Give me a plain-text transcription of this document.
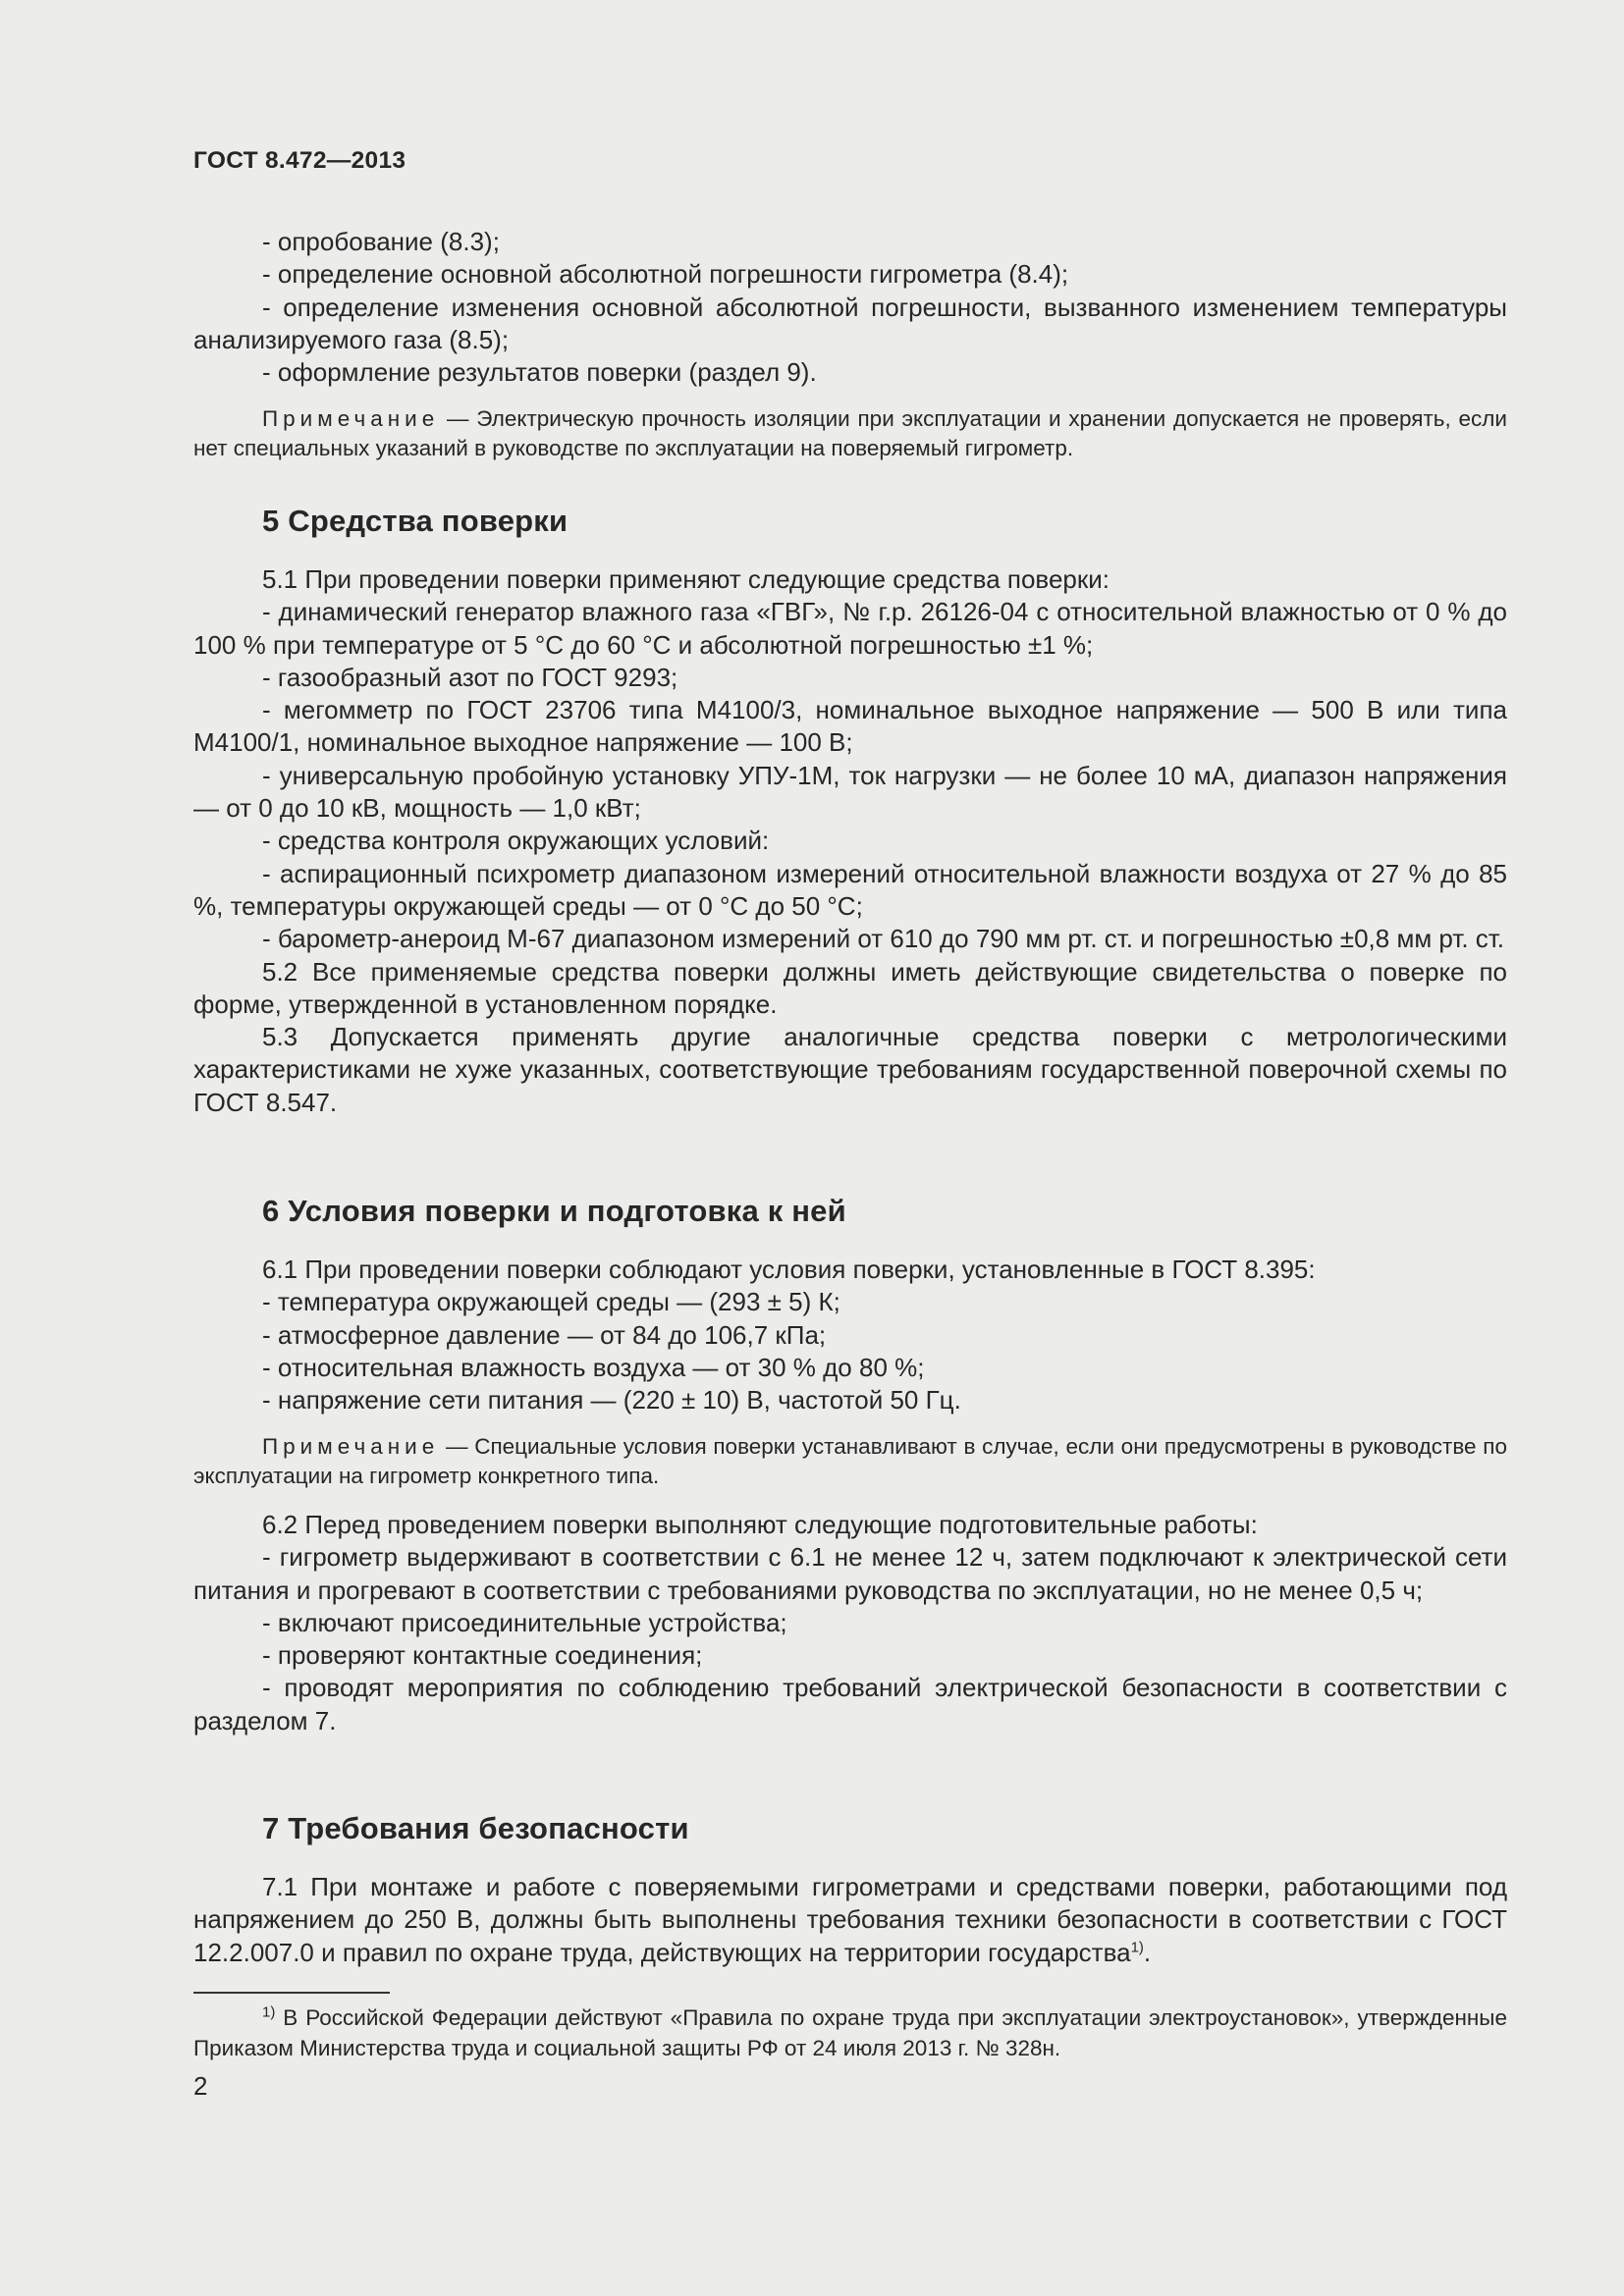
ГОСТ 8.472—2013

- опробование (8.3);

- определение основной абсолютной погрешности гигрометра (8.4);

- определение изменения основной абсолютной погрешности, вызванного изменением температуры анализируемого газа (8.5);

- оформление результатов поверки (раздел 9).

Примечание — Электрическую прочность изоляции при эксплуатации и хранении допускается не проверять, если нет специальных указаний в руководстве по эксплуатации на поверяемый гигрометр.
5 Средства поверки

5.1 При проведении поверки применяют следующие средства поверки:

- динамический генератор влажного газа «ГВГ», № г.р. 26126-04 с относительной влажностью от 0 % до 100 % при температуре от 5 °С до 60 °С и абсолютной погрешностью ±1 %;

- газообразный азот по ГОСТ 9293;

- мегомметр по ГОСТ 23706 типа М4100/3, номинальное выходное напряжение — 500 В или типа М4100/1, номинальное выходное напряжение — 100 В;

- универсальную пробойную установку УПУ-1М, ток нагрузки — не более 10 мА, диапазон напряжения — от 0 до 10 кВ, мощность — 1,0 кВт;

- средства контроля окружающих условий:

- аспирационный психрометр диапазоном измерений относительной влажности воздуха от 27 % до 85 %, температуры окружающей среды — от 0 °С до 50 °С;

- барометр-анероид М-67 диапазоном измерений от 610 до 790 мм рт. ст. и погрешностью ±0,8 мм рт. ст.

5.2 Все применяемые средства поверки должны иметь действующие свидетельства о поверке по форме, утвержденной в установленном порядке.

5.3 Допускается применять другие аналогичные средства поверки с метрологическими характеристиками не хуже указанных, соответствующие требованиям государственной поверочной схемы по ГОСТ 8.547.

6 Условия поверки и подготовка к ней

6.1 При проведении поверки соблюдают условия поверки, установленные в ГОСТ 8.395:

- температура окружающей среды — (293 ± 5) К;

- атмосферное давление — от 84 до 106,7 кПа;

- относительная влажность воздуха — от 30 % до 80 %;

- напряжение сети питания — (220 ± 10) В, частотой 50 Гц.

Примечание — Специальные условия поверки устанавливают в случае, если они предусмотрены в руководстве по эксплуатации на гигрометр конкретного типа.

6.2 Перед проведением поверки выполняют следующие подготовительные работы:

- гигрометр выдерживают в соответствии с 6.1 не менее 12 ч, затем подключают к электрической сети питания и прогревают в соответствии с требованиями руководства по эксплуатации, но не менее 0,5 ч;

- включают присоединительные устройства;

- проверяют контактные соединения;

- проводят мероприятия по соблюдению требований электрической безопасности в соответствии с разделом 7.

7 Требования безопасности

7.1 При монтаже и работе с поверяемыми гигрометрами и средствами поверки, работающими под напряжением до 250 В, должны быть выполнены требования техники безопасности в соответствии с ГОСТ 12.2.007.0 и правил по охране труда, действующих на территории государства$^{1)}$.

$^{1)}$ В Российской Федерации действуют «Правила по охране труда при эксплуатации электроустановок», утвержденные Приказом Министерства труда и социальной защиты РФ от 24 июля 2013 г. № 328н.
2
